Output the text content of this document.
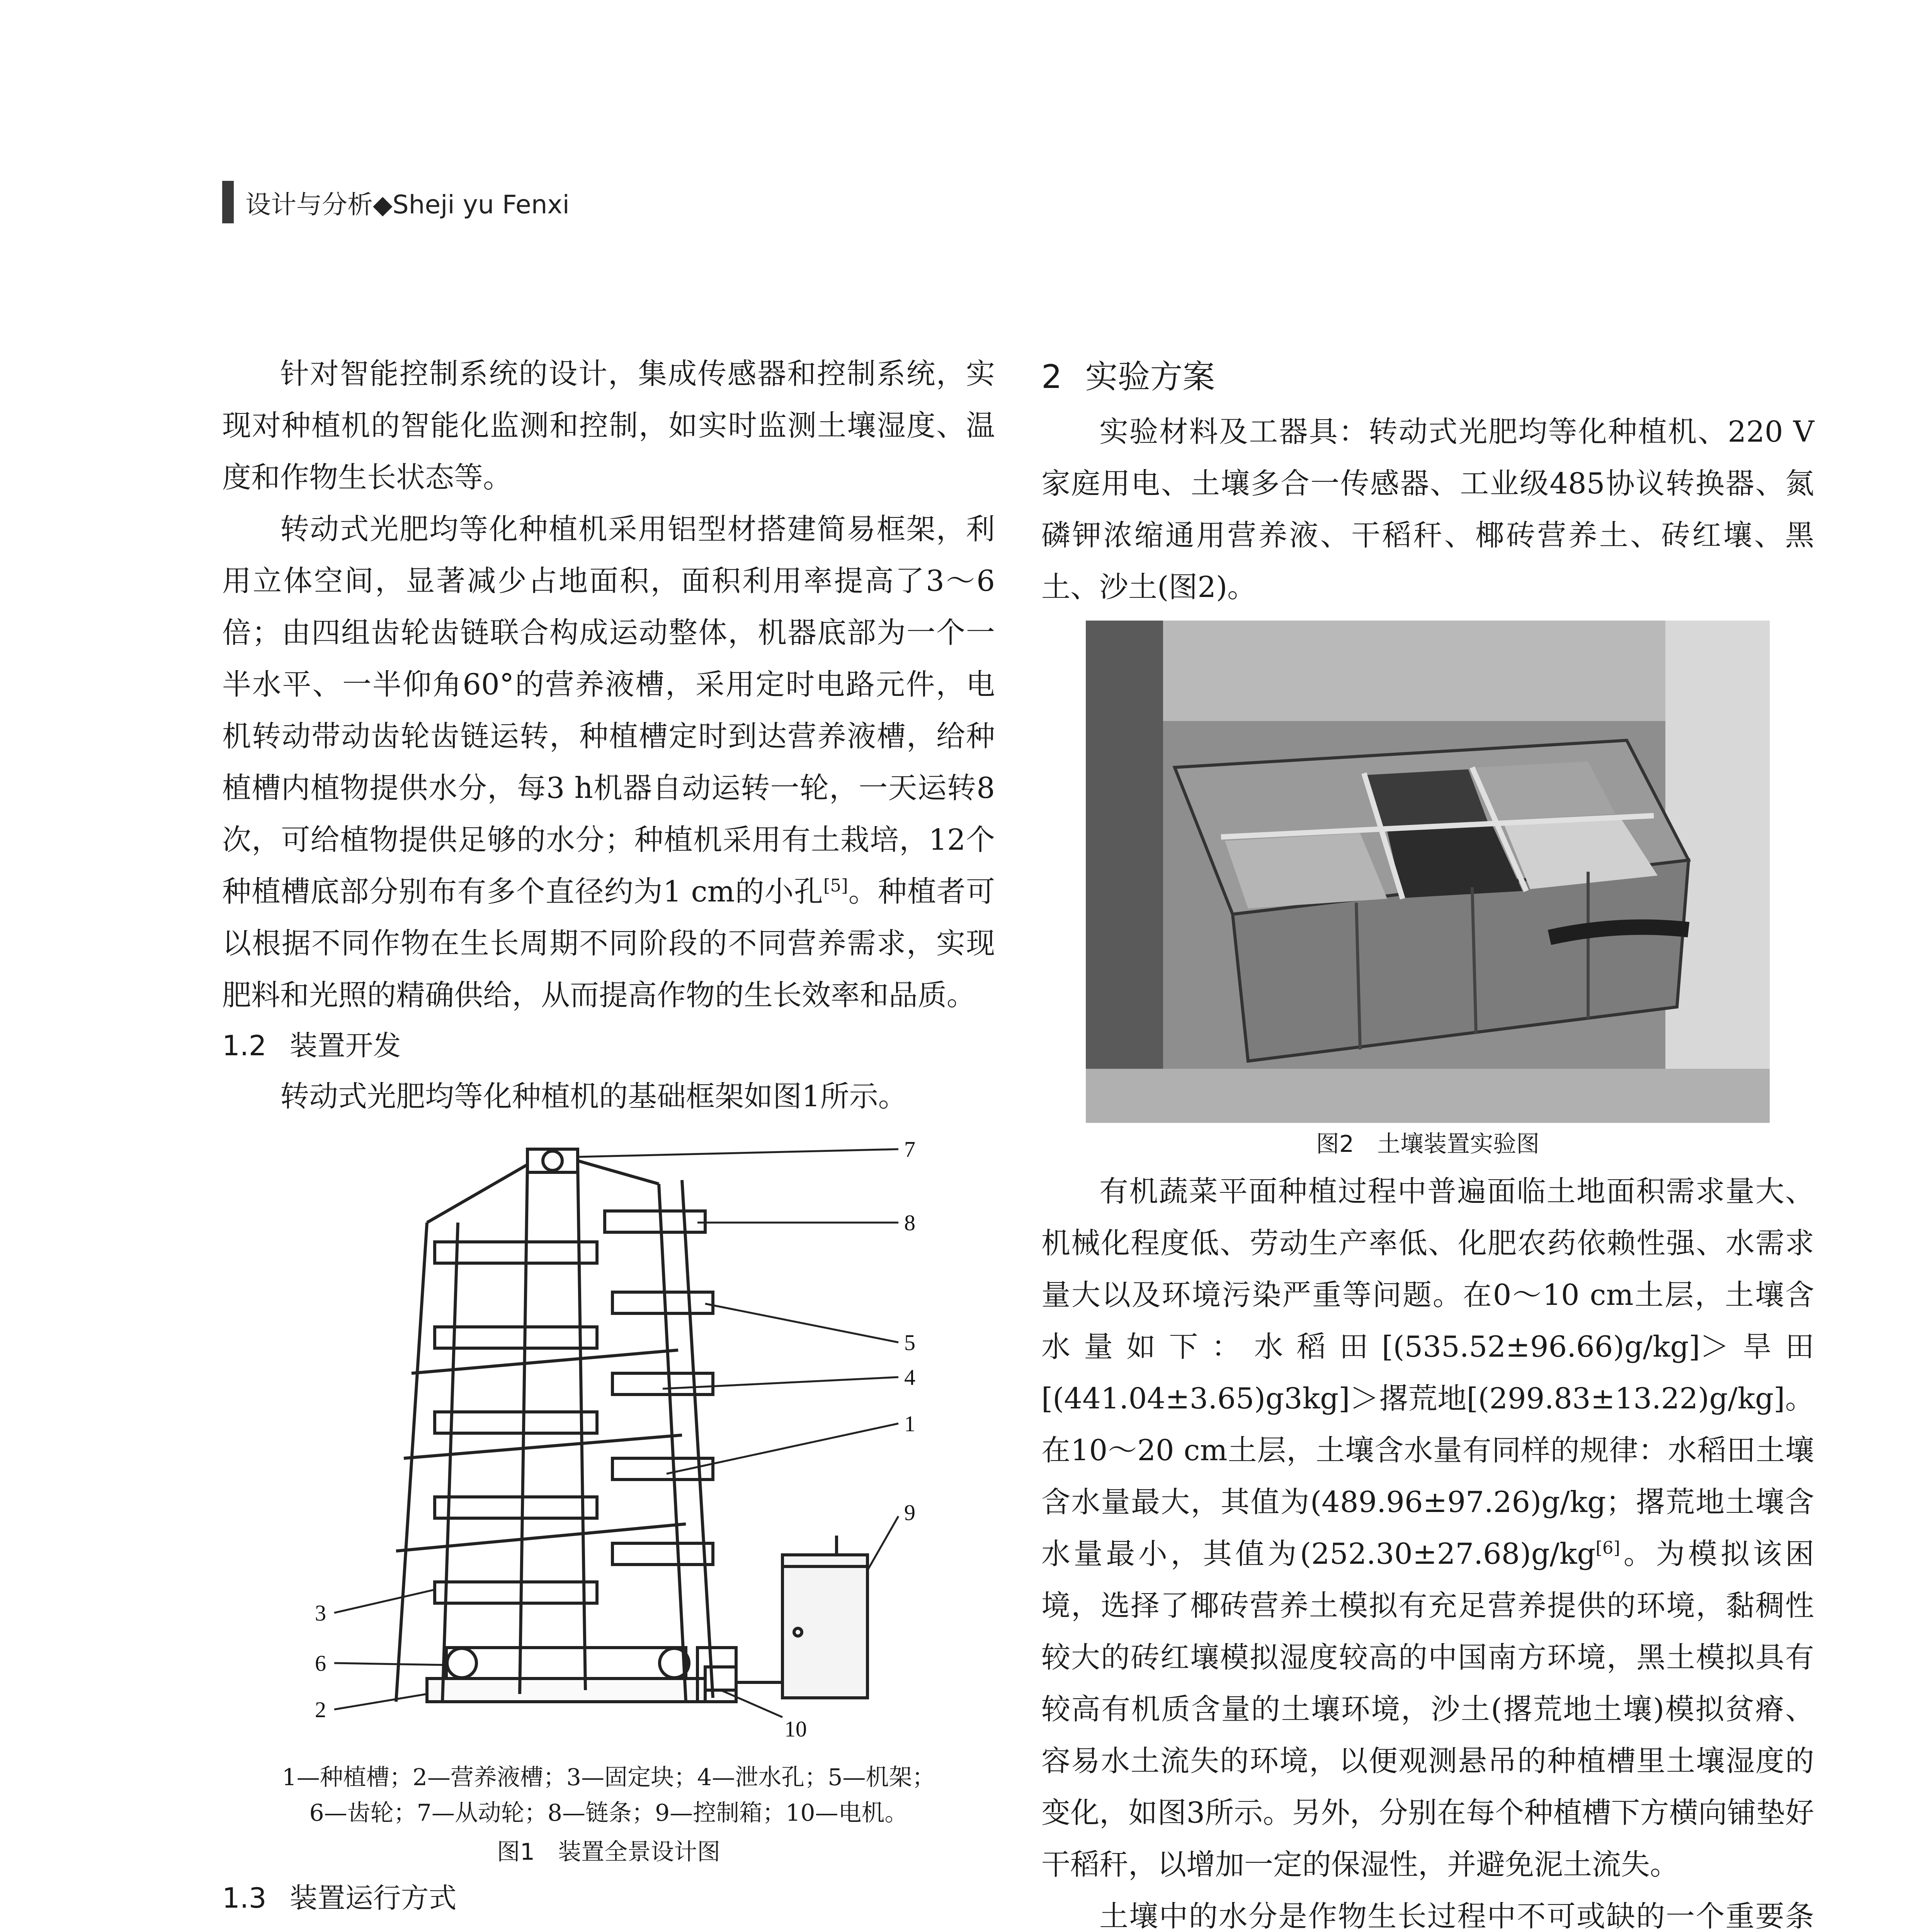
设计与分析◆Sheji yu Fenxi

针对智能控制系统的设计，集成传感器和控制系统，实现对种植机的智能化监测和控制，如实时监测土壤湿度、温度和作物生长状态等。

转动式光肥均等化种植机采用铝型材搭建简易框架，利用立体空间，显著减少占地面积，面积利用率提高了3～6倍；由四组齿轮齿链联合构成运动整体，机器底部为一个一半水平、一半仰角60°的营养液槽，采用定时电路元件，电机转动带动齿轮齿链运转，种植槽定时到达营养液槽，给种植槽内植物提供水分，每3 h机器自动运转一轮，一天运转8次，可给植物提供足够的水分；种植机采用有土栽培，12个种植槽底部分别布有多个直径约为1 cm的小孔[5]。种植者可以根据不同作物在生长周期不同阶段的不同营养需求，实现肥料和光照的精确供给，从而提高作物的生长效率和品质。

1.2 装置开发

转动式光肥均等化种植机的基础框架如图1所示。

7
8
5
4
1
9
3
6
2
10
1—种植槽；2—营养液槽；3—固定块；4—泄水孔；5—机架；
6—齿轮；7—从动轮；8—链条；9—控制箱；10—电机。
图1　装置全景设计图
1.3 装置运行方式

2 实验方案

实验材料及工器具：转动式光肥均等化种植机、220 V家庭用电、土壤多合一传感器、工业级485协议转换器、氮磷钾浓缩通用营养液、干稻秆、椰砖营养土、砖红壤、黑土、沙土(图2)。

图2　土壤装置实验图

有机蔬菜平面种植过程中普遍面临土地面积需求量大、机械化程度低、劳动生产率低、化肥农药依赖性强、水需求量大以及环境污染严重等问题。在0～10 cm土层，土壤含水量如下：水稻田[(535.52±96.66)g/kg]＞旱田[(441.04±3.65)g3kg]＞撂荒地[(299.83±13.22)g/kg]。在10～20 cm土层，土壤含水量有同样的规律：水稻田土壤含水量最大，其值为(489.96±97.26)g/kg；撂荒地土壤含水量最小，其值为(252.30±27.68)g/kg[6]。为模拟该困境，选择了椰砖营养土模拟有充足营养提供的环境，黏稠性较大的砖红壤模拟湿度较高的中国南方环境，黑土模拟具有较高有机质含量的土壤环境，沙土(撂荒地土壤)模拟贫瘠、容易水土流失的环境，以便观测悬吊的种植槽里土壤湿度的变化，如图3所示。另外，分别在每个种植槽下方横向铺垫好干稻秆，以增加一定的保湿性，并避免泥土流失。

土壤中的水分是作物生长过程中不可或缺的一个重要条
